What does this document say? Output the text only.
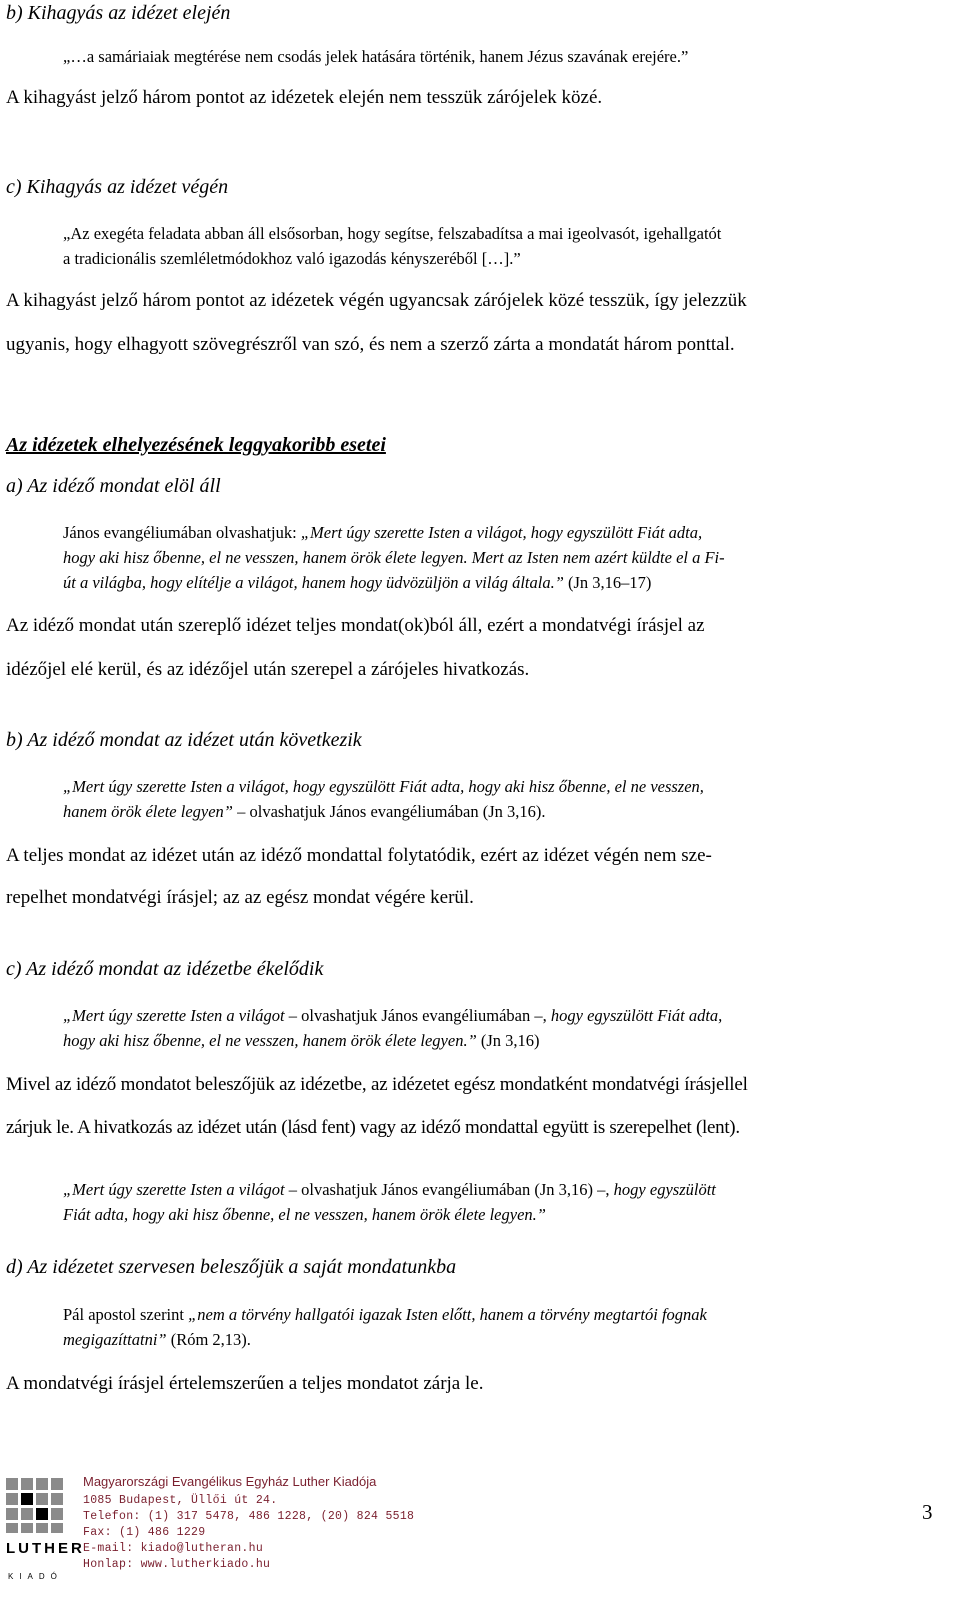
b) Kihagyás az idézet elején
„…a samáriaiak megtérése nem csodás jelek hatására történik, hanem Jézus szavának erejére.”
A kihagyást jelző három pontot az idézetek elején nem tesszük zárójelek közé.
c) Kihagyás az idézet végén
„Az exegéta feladata abban áll elsősorban, hogy segítse, felszabadítsa a mai igeolvasót, igehallgatót
a tradicionális szemléletmódokhoz való igazodás kényszeréből […].”
A kihagyást jelző három pontot az idézetek végén ugyancsak zárójelek közé tesszük, így jelezzük
ugyanis, hogy elhagyott szövegrészről van szó, és nem a szerző zárta a mondatát három ponttal.
Az idézetek elhelyezésének leggyakoribb esetei
a) Az idéző mondat elöl áll
János evangéliumában olvashatjuk: „Mert úgy szerette Isten a világot, hogy egyszülött Fiát adta,
hogy aki hisz őbenne, el ne vesszen, hanem örök élete legyen. Mert az Isten nem azért küldte el a Fi-
út a világba, hogy elítélje a világot, hanem hogy üdvözüljön a világ általa.” (Jn 3,16–17)
Az idéző mondat után szereplő idézet teljes mondat(ok)ból áll, ezért a mondatvégi írásjel az
idézőjel elé kerül, és az idézőjel után szerepel a zárójeles hivatkozás.
b) Az idéző mondat az idézet után következik
„Mert úgy szerette Isten a világot, hogy egyszülött Fiát adta, hogy aki hisz őbenne, el ne vesszen,
hanem örök élete legyen” – olvashatjuk János evangéliumában (Jn 3,16).
A teljes mondat az idézet után az idéző mondattal folytatódik, ezért az idézet végén nem sze-
repelhet mondatvégi írásjel; az az egész mondat végére kerül.
c) Az idéző mondat az idézetbe ékelődik
„Mert úgy szerette Isten a világot – olvashatjuk János evangéliumában –, hogy egyszülött Fiát adta,
hogy aki hisz őbenne, el ne vesszen, hanem örök élete legyen.” (Jn 3,16)
Mivel az idéző mondatot beleszőjük az idézetbe, az idézetet egész mondatként mondatvégi írásjellel
zárjuk le. A hivatkozás az idézet után (lásd fent) vagy az idéző mondattal együtt is szerepelhet (lent).
„Mert úgy szerette Isten a világot – olvashatjuk János evangéliumában (Jn 3,16) –, hogy egyszülött
Fiát adta, hogy aki hisz őbenne, el ne vesszen, hanem örök élete legyen.”
d) Az idézetet szervesen beleszőjük a saját mondatunkba
Pál apostol szerint „nem a törvény hallgatói igazak Isten előtt, hanem a törvény megtartói fognak
megigazíttatni” (Róm 2,13).
A mondatvégi írásjel értelemszerűen a teljes mondatot zárja le.
LUTHER
KIADÓ
Magyarországi Evangélikus Egyház Luther Kiadója
1085 Budapest, Üllői út 24.
Telefon: (1) 317 5478, 486 1228, (20) 824 5518
Fax: (1) 486 1229
E-mail: kiado@lutheran.hu
Honlap: www.lutherkiado.hu
3
